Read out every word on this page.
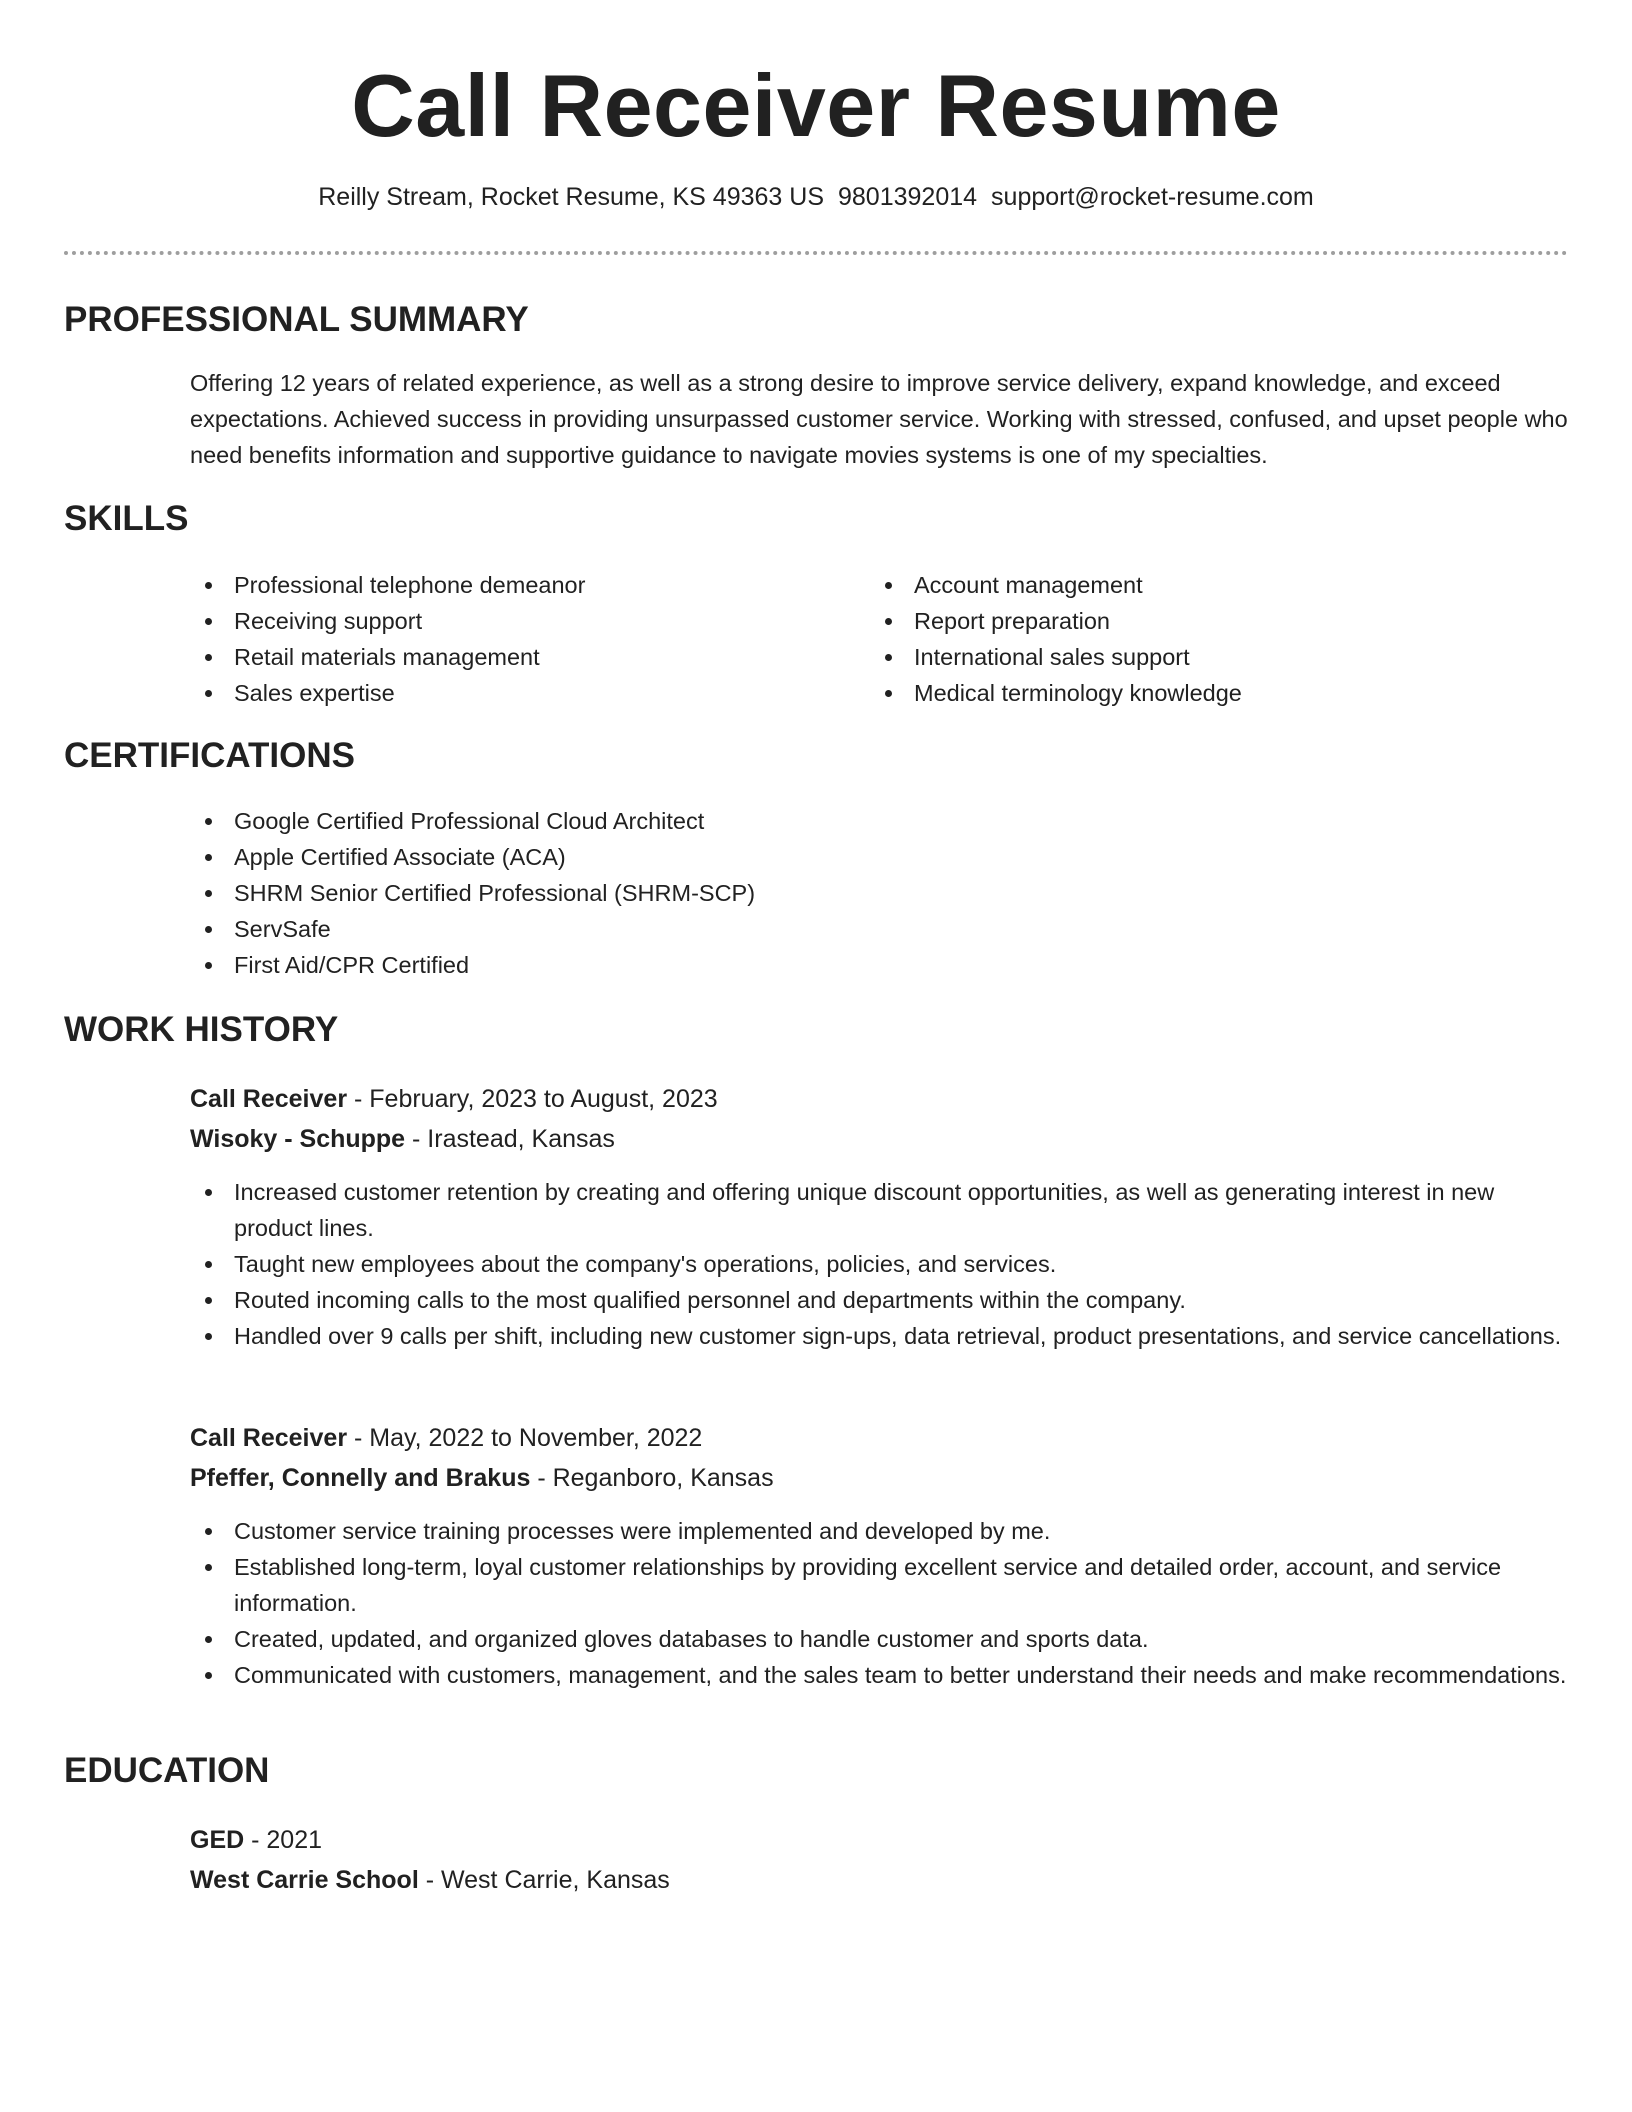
Call Receiver Resume
Reilly Stream, Rocket Resume, KS 49363 US 9801392014 support@rocket-resume.com
PROFESSIONAL SUMMARY

Offering 12 years of related experience, as well as a strong desire to improve service delivery, expand knowledge, and exceed expectations. Achieved success in providing unsurpassed customer service. Working with stressed, confused, and upset people who need benefits information and supportive guidance to navigate movies systems is one of my specialties.

SKILLS
Professional telephone demeanor
Receiving support
Retail materials management
Sales expertise
Account management
Report preparation
International sales support
Medical terminology knowledge
CERTIFICATIONS
Google Certified Professional Cloud Architect
Apple Certified Associate (ACA)
SHRM Senior Certified Professional (SHRM-SCP)
ServSafe
First Aid/CPR Certified
WORK HISTORY
Call Receiver - February, 2023 to August, 2023
Wisoky - Schuppe - Irastead, Kansas
Increased customer retention by creating and offering unique discount opportunities, as well as generating interest in new product lines.
Taught new employees about the company's operations, policies, and services.
Routed incoming calls to the most qualified personnel and departments within the company.
Handled over 9 calls per shift, including new customer sign-ups, data retrieval, product presentations, and service cancellations.
Call Receiver - May, 2022 to November, 2022
Pfeffer, Connelly and Brakus - Reganboro, Kansas
Customer service training processes were implemented and developed by me.
Established long-term, loyal customer relationships by providing excellent service and detailed order, account, and service information.
Created, updated, and organized gloves databases to handle customer and sports data.
Communicated with customers, management, and the sales team to better understand their needs and make recommendations.
EDUCATION
GED - 2021
West Carrie School - West Carrie, Kansas
